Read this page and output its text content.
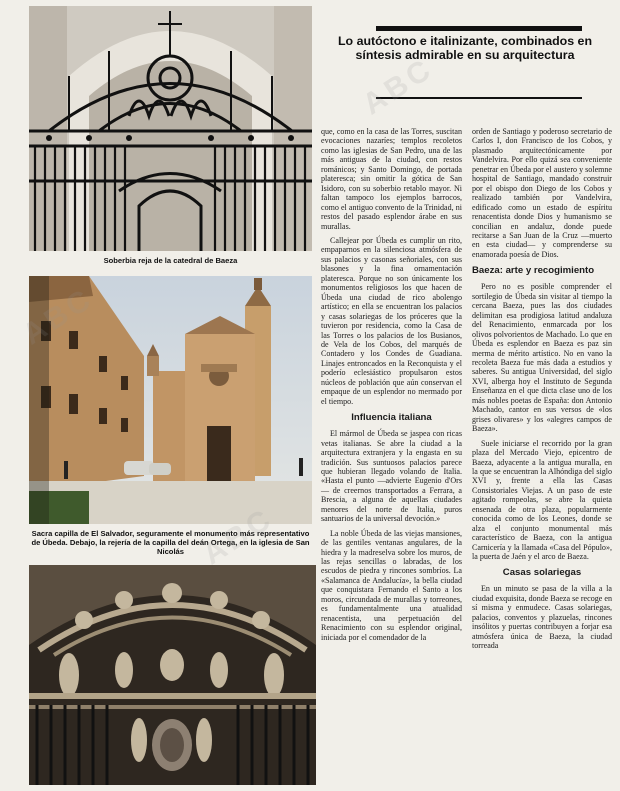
Soberbia reja de la catedral de Baeza
Sacra capilla de El Salvador, seguramente el monumento más representativo de Úbeda. Debajo, la rejería de la capilla del deán Ortega, en la iglesia de San Nicolás
Lo autóctono e italinizante, combinados en síntesis admirable en su arquitectura

que, como en la casa de las Torres, suscitan evocaciones nazaríes; templos recoletos como las iglesias de San Pedro, una de las más antiguas de la ciudad, con restos románicos; y Santo Domingo, de portada plateresca; sin omitir la gótica de San Isidoro, con su soberbio retablo mayor. Ni faltan tampoco los ejemplos barrocos, como el antiguo convento de la Trinidad, ni restos del pasado esplendor árabe en sus murallas.

Callejear por Úbeda es cumplir un rito, empaparnos en la silenciosa atmósfera de sus palacios y casonas señoriales, con sus blasones y la fina ornamentación plateresca. Porque no son únicamente los monumentos religiosos los que hacen de Úbeda una ciudad de rico abolengo artístico; en ella se encuentran los palacios y casas solariegas de los próceres que la tuvieron por residencia, como la Casa de las Torres o los palacios de los Busianos, de Vela de los Cobos, del marqués de Contadero y los Condes de Guadiana. Linajes entroncados en la Reconquista y el poderío eclesiástico propulsaron estos núcleos de población que aún conservan el empaque de un esplendor no mermado por el tiempo.

Influencia italiana

El mármol de Úbeda se jaspea con ricas vetas italianas. Se abre la ciudad a la arquitectura extranjera y la engasta en su tradición. Sus suntuosos palacios parece que hubieran llegado volando de Italia. «Hasta el punto —advierte Eugenio d'Ors— de creernos transportados a Ferrara, a Brescia, a alguna de aquellas ciudades menores del norte de Italia, puros santuarios de la universal devoción.»

La noble Úbeda de las viejas mansiones, de las gentiles ventanas angulares, de la hiedra y la madreselva sobre los muros, de las rejas sencillas o labradas, de los escudos de piedra y rincones sombríos. La «Salamanca de Andalucía», la bella ciudad que conquistara Fernando el Santo a los moros, circundada de murallas y torreones, es fundamentalmente una atualidad renacentista, una perpetuación del Renacimiento con su esplendor original, iniciada por el comendador de la

orden de Santiago y poderoso secretario de Carlos I, don Francisco de los Cobos, y plasmado arquitectónicamente por Vandelvira. Por ello quizá sea conveniente penetrar en Úbeda por el austero y solemne hospital de Santiago, mandado construir por el obispo don Diego de los Cobos y realizado también por Vandelvira, edificado como un estado de espíritu renacentista donde Dios y humanismo se concilian en andaluz, donde puede recitarse a San Juan de la Cruz —muerto en esta ciudad— y comprenderse su enamorada poesía de Dios.

Baeza: arte y recogimiento

Pero no es posible comprender el sortilegio de Úbeda sin visitar al tiempo la cercana Baeza, pues las dos ciudades delimitan esa prodigiosa latitud andaluza del Renacimiento, enmarcada por los olivos polvorientos de Machado. Lo que en Úbeda es esplendor en Baeza es paz sin merma de mérito artístico. No en vano la recoleta Baeza fue más dada a estudios y saberes. Su antigua Universidad, del siglo XVI, alberga hoy el Instituto de Segunda Enseñanza en el que dicta clase uno de los más nobles poetas de España: don Antonio Machado, cantor en sus versos de «los grises olivares» y los «alegres campos de Baeza».

Suele iniciarse el recorrido por la gran plaza del Mercado Viejo, epicentro de Baeza, adyacente a la antigua muralla, en la que se encuentran la Alhóndiga del siglo XVI y, frente a ella las Casas Consistoriales Viejas. A un paso de este agitado rompeolas, se abre la quieta ensenada de otra plaza, popularmente conocida como de los Leones, donde se alza el conjunto monumental más característico de Baeza, con la antigua Carnicería y la llamada «Casa del Pópulo», la puerta de Jaén y el arco de Baeza.

Casas solariegas

En un minuto se pasa de la villa a la ciudad exquisita, donde Baeza se recoge en sí misma y enmudece. Casas solariegas, palacios, conventos y plazuelas, rincones insólitos y puertas contribuyen a forjar esa atmósfera única de Baeza, la ciudad torreada

ABC
ABC
